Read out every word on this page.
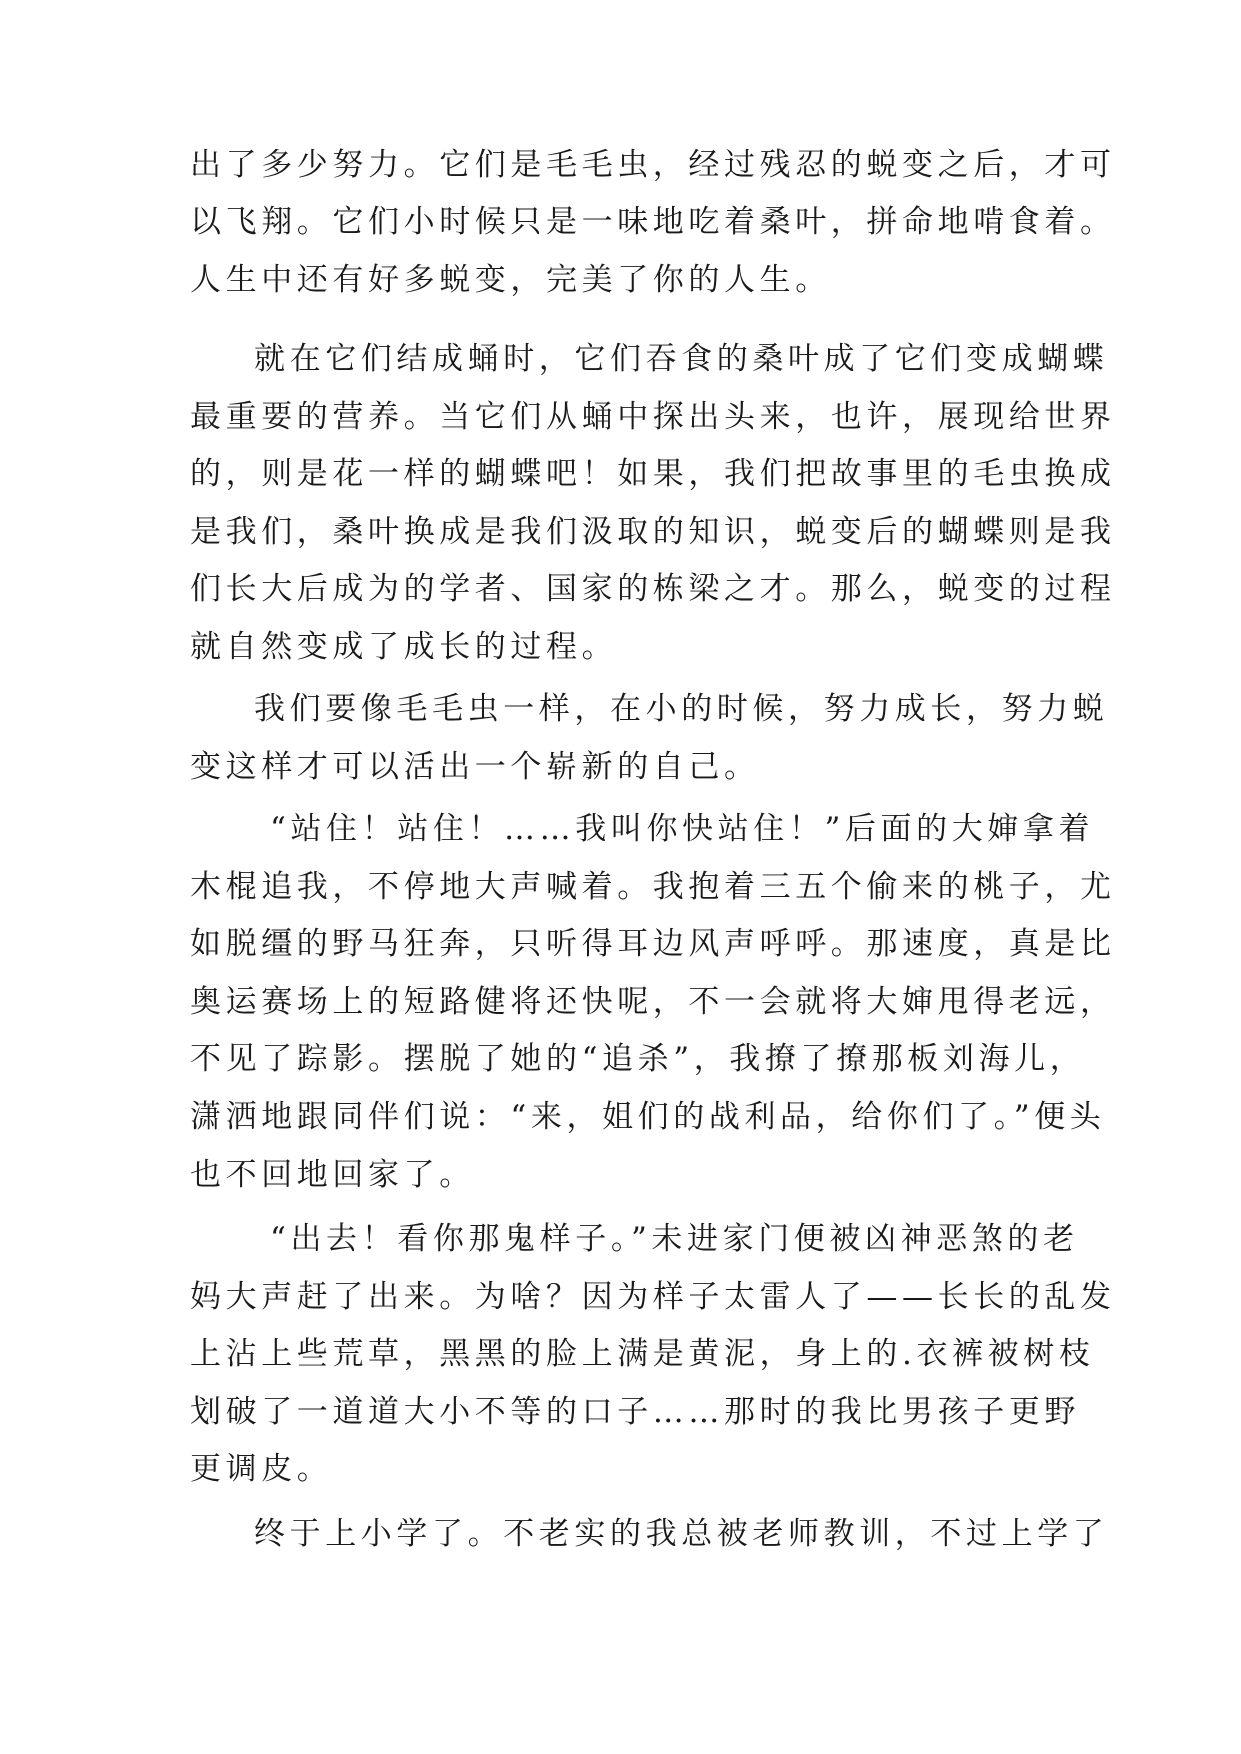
出了多少努力。它们是毛毛虫，经过残忍的蜕变之后，才可
以飞翔。它们小时候只是一味地吃着桑叶，拼命地啃食着。
人生中还有好多蜕变，完美了你的人生。
就在它们结成蛹时，它们吞食的桑叶成了它们变成蝴蝶
最重要的营养。当它们从蛹中探出头来，也许，展现给世界
的，则是花一样的蝴蝶吧！如果，我们把故事里的毛虫换成
是我们，桑叶换成是我们汲取的知识，蜕变后的蝴蝶则是我
们长大后成为的学者、国家的栋梁之才。那么，蜕变的过程
就自然变成了成长的过程。
我们要像毛毛虫一样，在小的时候，努力成长，努力蜕
变这样才可以活出一个崭新的自己。
“站住！站住！……我叫你快站住！”后面的大婶拿着
木棍追我，不停地大声喊着。我抱着三五个偷来的桃子，尤
如脱缰的野马狂奔，只听得耳边风声呼呼。那速度，真是比
奥运赛场上的短路健将还快呢，不一会就将大婶甩得老远，
不见了踪影。摆脱了她的“追杀”，我撩了撩那板刘海儿，
潇洒地跟同伴们说：“来，姐们的战利品，给你们了。”便头
也不回地回家了。
“出去！看你那鬼样子。”未进家门便被凶神恶煞的老
妈大声赶了出来。为啥？因为样子太雷人了——长长的乱发
上沾上些荒草，黑黑的脸上满是黄泥，身上的.衣裤被树枝
划破了一道道大小不等的口子……那时的我比男孩子更野
更调皮。
终于上小学了。不老实的我总被老师教训，不过上学了
